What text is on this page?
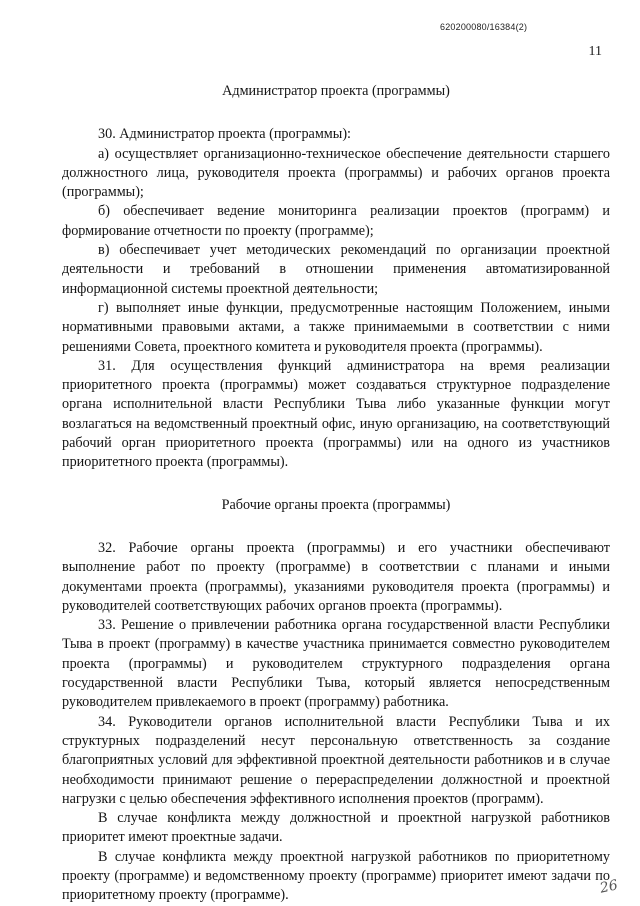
620200080/16384(2)
11
Администратор проекта (программы)

30. Администратор проекта (программы):

а) осуществляет организационно-техническое обеспечение деятельности старшего должностного лица, руководителя проекта (программы) и рабочих органов проекта (программы);

б) обеспечивает ведение мониторинга реализации проектов (программ) и формирование отчетности по проекту (программе);

в) обеспечивает учет методических рекомендаций по организации проектной деятельности и требований в отношении применения автоматизированной информационной системы проектной деятельности;

г) выполняет иные функции, предусмотренные настоящим Положением, иными нормативными правовыми актами, а также принимаемыми в соответствии с ними решениями Совета, проектного комитета и руководителя проекта (программы).

31. Для осуществления функций администратора на время реализации приоритетного проекта (программы) может создаваться структурное подразделение органа исполнительной власти Республики Тыва либо указанные функции могут возлагаться на ведомственный проектный офис, иную организацию, на соответствующий рабочий орган приоритетного проекта (программы) или на одного из участников приоритетного проекта (программы).

Рабочие органы проекта (программы)

32. Рабочие органы проекта (программы) и его участники обеспечивают выполнение работ по проекту (программе) в соответствии с планами и иными документами проекта (программы), указаниями руководителя проекта (программы) и руководителей соответствующих рабочих органов проекта (программы).

33. Решение о привлечении работника органа государственной власти Республики Тыва в проект (программу) в качестве участника принимается совместно руководителем проекта (программы) и руководителем структурного подразделения органа государственной власти Республики Тыва, который является непосредственным руководителем привлекаемого в проект (программу) работника.

34. Руководители органов исполнительной власти Республики Тыва и их структурных подразделений несут персональную ответственность за создание благоприятных условий для эффективной проектной деятельности работников и в случае необходимости принимают решение о перераспределении должностной и проектной нагрузки с целью обеспечения эффективного исполнения проектов (программ).

В случае конфликта между должностной и проектной нагрузкой работников приоритет имеют проектные задачи.

В случае конфликта между проектной нагрузкой работников по приоритетному проекту (программе) и ведомственному проекту (программе) приоритет имеют задачи по приоритетному проекту (программе).	26
